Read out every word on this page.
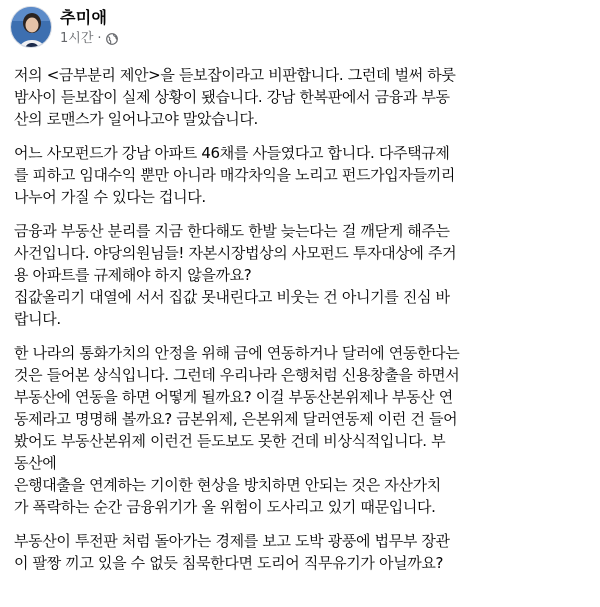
추미애
1시간 ·
저의 <금부분리 제안>을 듣보잡이라고 비판합니다. 그런데 벌써 하룻
밤사이 듣보잡이 실제 상황이 됐습니다. 강남 한복판에서 금융과 부동
산의 로맨스가 일어나고야 말았습니다.
어느 사모펀드가 강남 아파트 46채를 사들였다고 합니다. 다주택규제
를 피하고 임대수익 뿐만 아니라 매각차익을 노리고 펀드가입자들끼리
나누어 가질 수 있다는 겁니다.
금융과 부동산 분리를 지금 한다해도 한발 늦는다는 걸 깨닫게 해주는
사건입니다. 야당의원님들! 자본시장법상의 사모펀드 투자대상에 주거
용 아파트를 규제해야 하지 않을까요?
집값올리기 대열에 서서 집값 못내린다고 비웃는 건 아니기를 진심 바
랍니다.
한 나라의 통화가치의 안정을 위해 금에 연동하거나 달러에 연동한다는
것은 들어본 상식입니다. 그런데 우리나라 은행처럼 신용창출을 하면서
부동산에 연동을 하면 어떻게 될까요? 이걸 부동산본위제나 부동산 연
동제라고 명명해 볼까요? 금본위제, 은본위제 달러연동제 이런 건 들어
봤어도 부동산본위제 이런건 듣도보도 못한 건데 비상식적입니다. 부
동산에
은행대출을 연계하는 기이한 현상을 방치하면 안되는 것은 자산가치
가 폭락하는 순간 금융위기가 올 위험이 도사리고 있기 때문입니다.
부동산이 투전판 처럼 돌아가는 경제를 보고 도박 광풍에 법무부 장관
이 팔짱 끼고 있을 수 없듯 침묵한다면 도리어 직무유기가 아닐까요?
